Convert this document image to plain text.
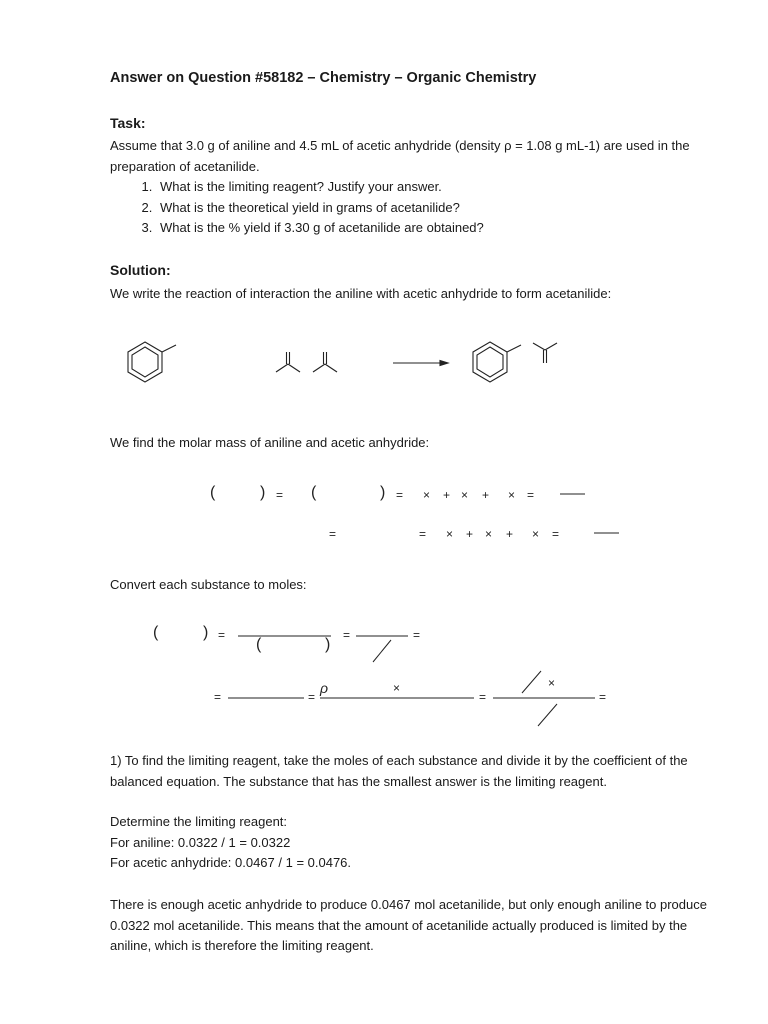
Answer on Question #58182 – Chemistry – Organic Chemistry
Task:
Assume that 3.0 g of aniline and 4.5 mL of acetic anhydride (density ρ = 1.08 g mL-1) are used in the preparation of acetanilide.
1. What is the limiting reagent? Justify your answer.
2. What is the theoretical yield in grams of acetanilide?
3. What is the % yield if 3.30 g of acetanilide are obtained?
Solution:
We write the reaction of interaction the aniline with acetic anhydride to form acetanilide:
We find the molar mass of aniline and acetic anhydride:
(	) = (	) = × + × + × =
=	= × + × + × =
Convert each substance to moles:
(	) =
(	)
=	=
=	=
ρ	×
=
×
=
1) To find the limiting reagent, take the moles of each substance and divide it by the coefficient of the balanced equation. The substance that has the smallest answer is the limiting reagent.
Determine the limiting reagent:
For aniline: 0.0322 / 1 = 0.0322
For acetic anhydride: 0.0467 / 1 = 0.0476.
There is enough acetic anhydride to produce 0.0467 mol acetanilide, but only enough aniline to produce 0.0322 mol acetanilide. This means that the amount of acetanilide actually produced is limited by the aniline, which is therefore the limiting reagent.
